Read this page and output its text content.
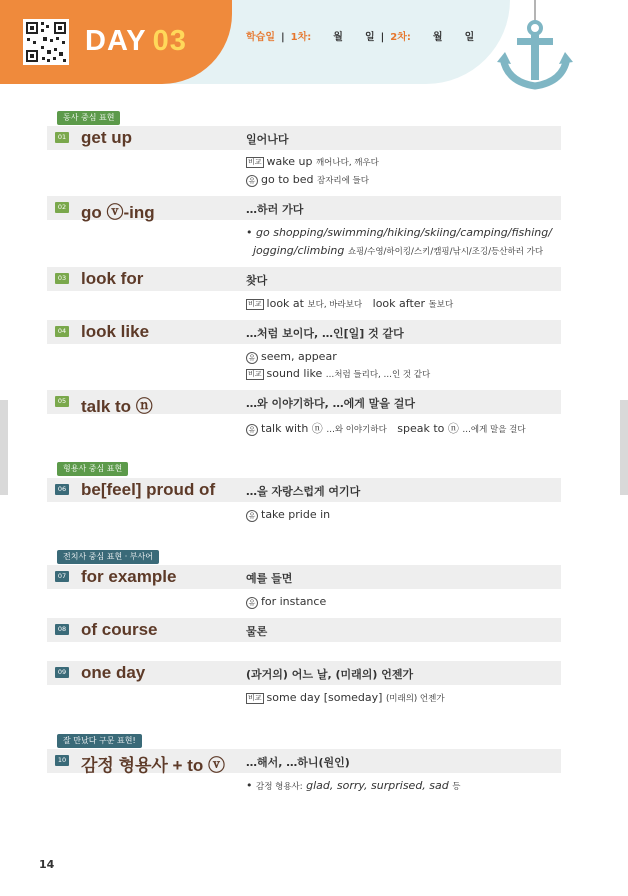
DAY 03	학습일 | 1차: 월 일 | 2차: 월 일
동사 중심 표현
01 get up	일어나다
비교 wake up 깨어나다, 깨우다
유 go to bed 잠자리에 들다
02 go ⓥ-ing	…하러 가다
• go shopping/swimming/hiking/skiing/camping/fishing/
jogging/climbing 쇼핑/수영/하이킹/스키/캠핑/낚시/조깅/등산하러 가다
03 look for	찾다
비교 look at 보다, 바라보다 look after 돌보다
04 look like	…처럼 보이다, …인[일] 것 같다
유 seem, appear
비교 sound like …처럼 들리다, …인 것 같다
05 talk to ⓝ	…와 이야기하다, …에게 말을 걸다
유 talk with ⓝ …와 이야기하다 speak to ⓝ …에게 말을 걸다
형용사 중심 표현
06 be[feel] proud of	…을 자랑스럽게 여기다
유 take pride in
전치사 중심 표현 · 부사어
07 for example	예를 들면
유 for instance
08 of course	물론
09 one day	(과거의) 어느 날, (미래의) 언젠가
비교 some day [someday] (미래의) 언젠가
잘 만났다 구문 표현!
10 감정 형용사 + to ⓥ …해서, …하니(원인)
• 감정 형용사: glad, sorry, surprised, sad 등
14
